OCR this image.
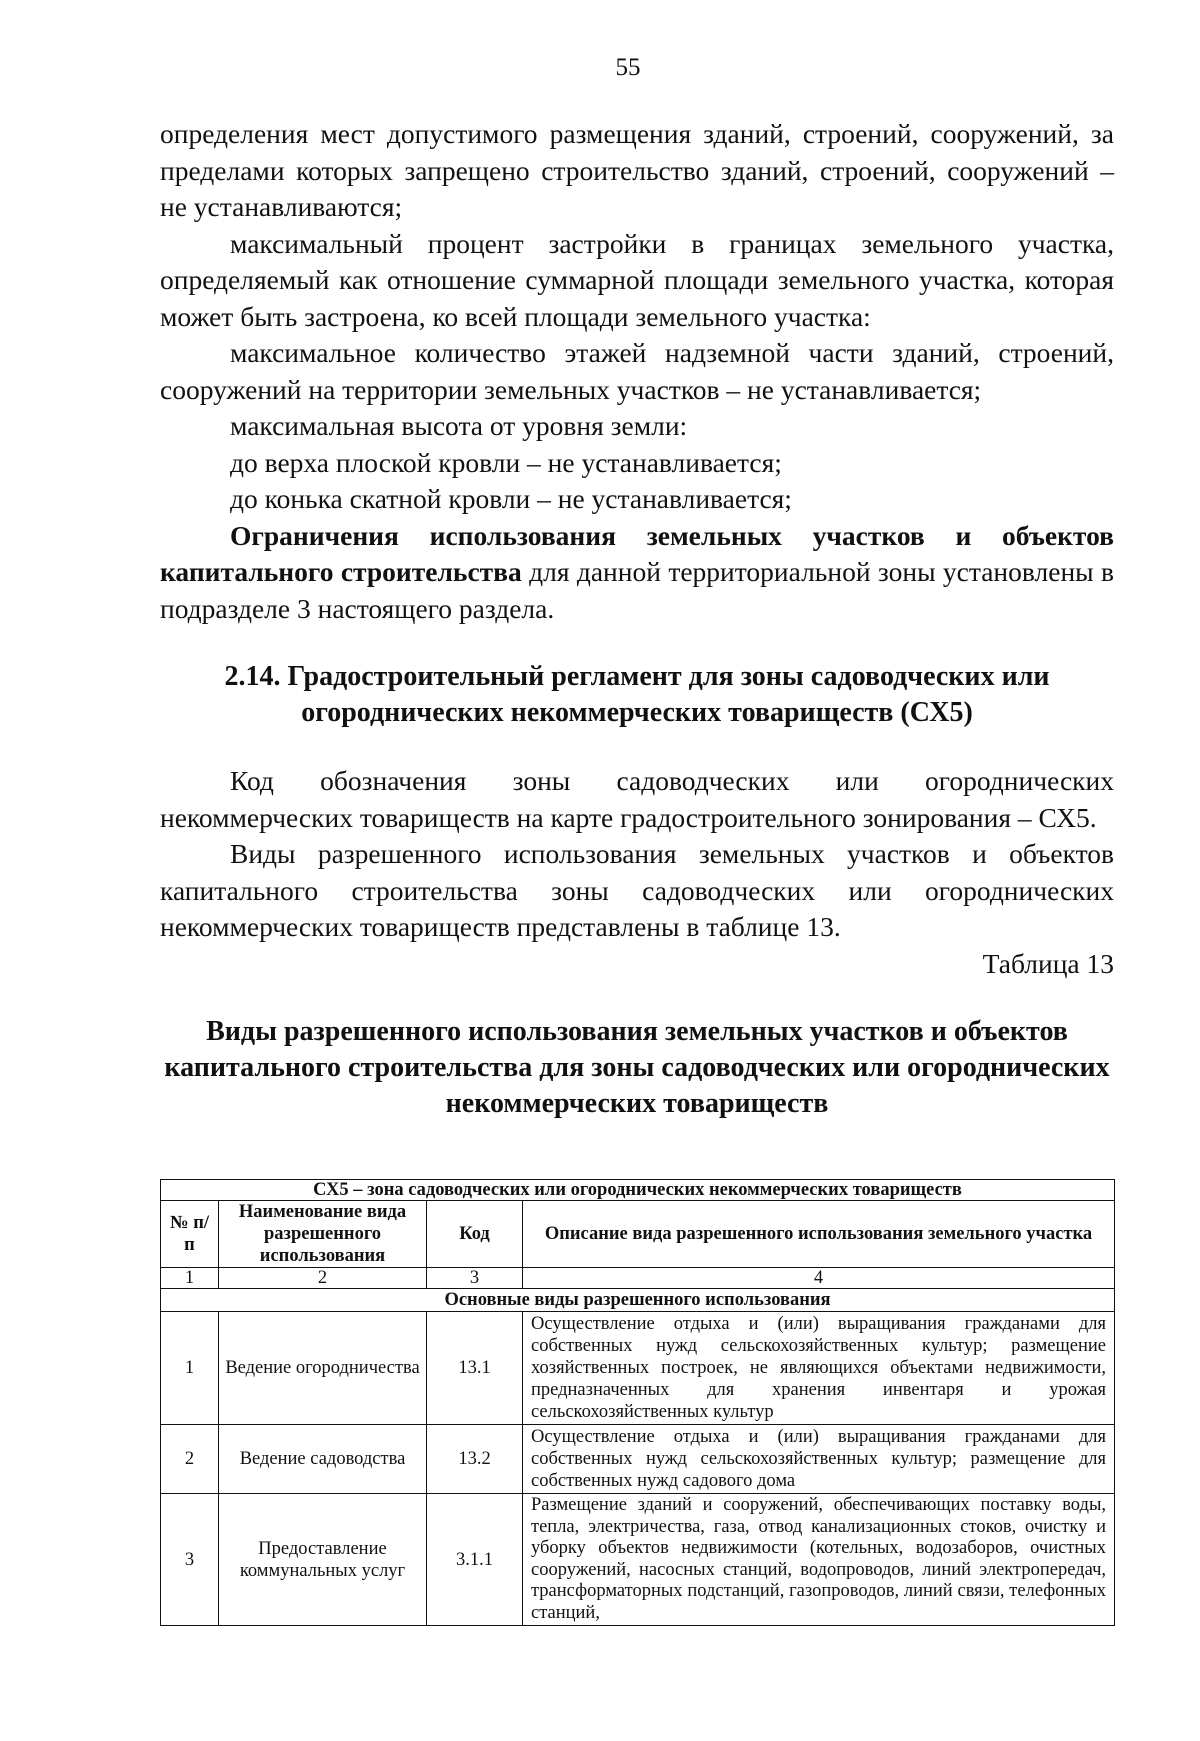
55

определения мест допустимого размещения зданий, строений, сооружений, за пределами которых запрещено строительство зданий, строений, сооружений – не устанавливаются;

максимальный процент застройки в границах земельного участка, определяемый как отношение суммарной площади земельного участка, которая может быть застроена, ко всей площади земельного участка:

максимальное количество этажей надземной части зданий, строений, сооружений на территории земельных участков – не устанавливается;

максимальная высота от уровня земли:

до верха плоской кровли – не устанавливается;

до конька скатной кровли – не устанавливается;

Ограничения использования земельных участков и объектов капитального строительства для данной территориальной зоны установлены в подразделе 3 настоящего раздела.

2.14. Градостроительный регламент для зоны садоводческих или огороднических некоммерческих товариществ (СХ5)

Код обозначения зоны садоводческих или огороднических некоммерческих товариществ на карте градостроительного зонирования – СХ5.

Виды разрешенного использования земельных участков и объектов капитального строительства зоны садоводческих или огороднических некоммерческих товариществ представлены в таблице 13.

Таблица 13

Виды разрешенного использования земельных участков и объектов капитального строительства для зоны садоводческих или огороднических некоммерческих товариществ

СХ5 – зона садоводческих или огороднических некоммерческих товариществ			
№ п/п	Наименование вида разрешенного использования	Код	Описание вида разрешенного использования земельного участка
1	2	3	4
Основные виды разрешенного использования			
1	Ведение огородничества	13.1	Осуществление отдыха и (или) выращивания гражданами для собственных нужд сельскохозяйственных культур; размещение хозяйственных построек, не являющихся объектами недвижимости, предназначенных для хранения инвентаря и урожая сельскохозяйственных культур
2	Ведение садоводства	13.2	Осуществление отдыха и (или) выращивания гражданами для собственных нужд сельскохозяйственных культур; размещение для собственных нужд садового дома
3	Предоставление коммунальных услуг	3.1.1	Размещение зданий и сооружений, обеспечивающих поставку воды, тепла, электричества, газа, отвод канализационных стоков, очистку и уборку объектов недвижимости (котельных, водозаборов, очистных сооружений, насосных станций, водопроводов, линий электропередач, трансформаторных подстанций, газопроводов, линий связи, телефонных станций,
